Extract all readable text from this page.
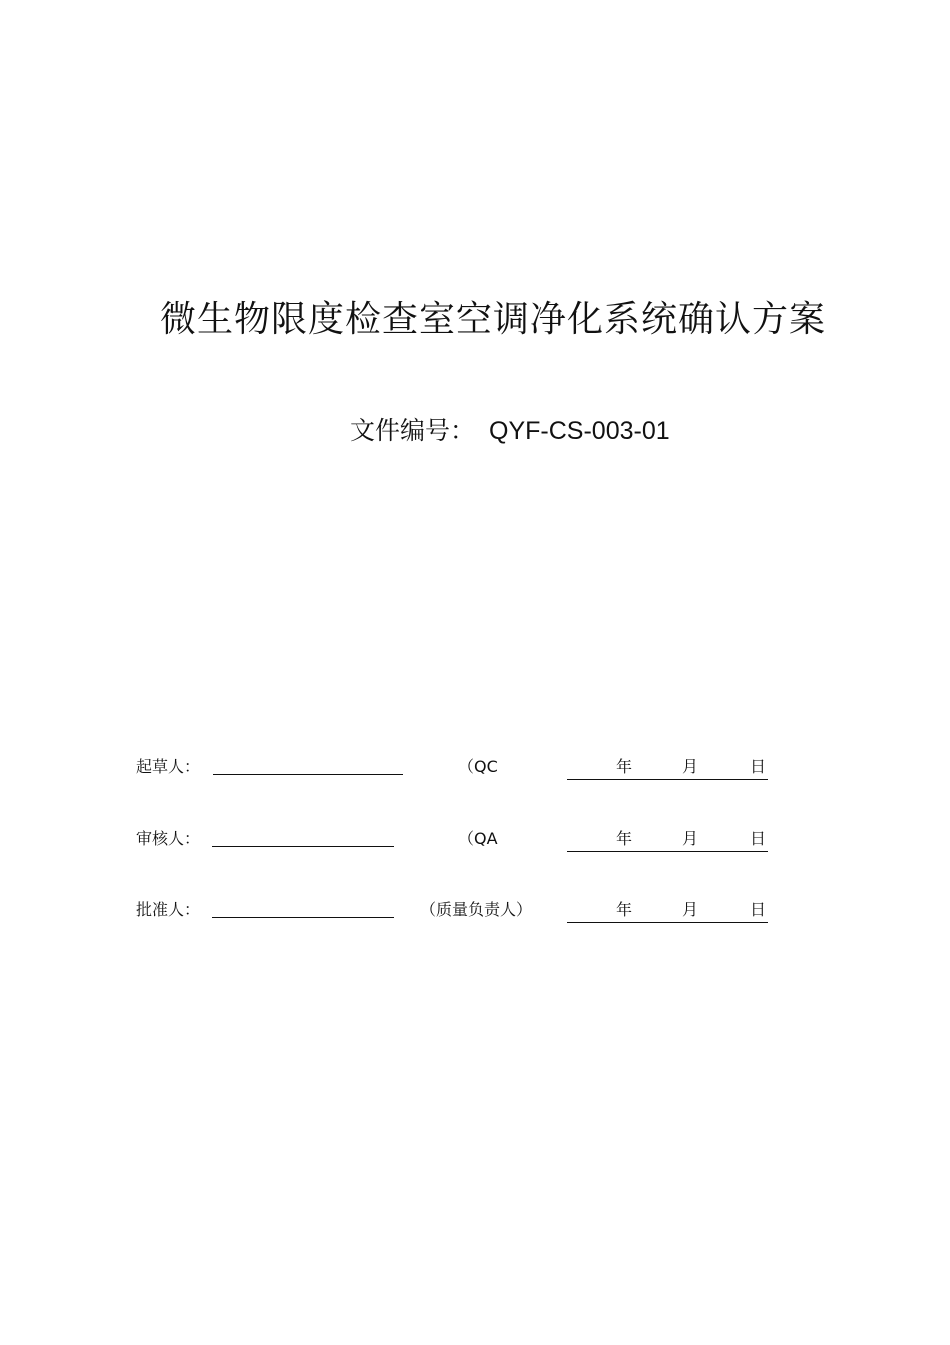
微生物限度检查室空调净化系统确认方案
文件编号： QYF-CS-003-01
起草人：	（QC	年	月	日
审核人：	（QA	年	月	日
批准人：	（质量负责人）	年	月	日
